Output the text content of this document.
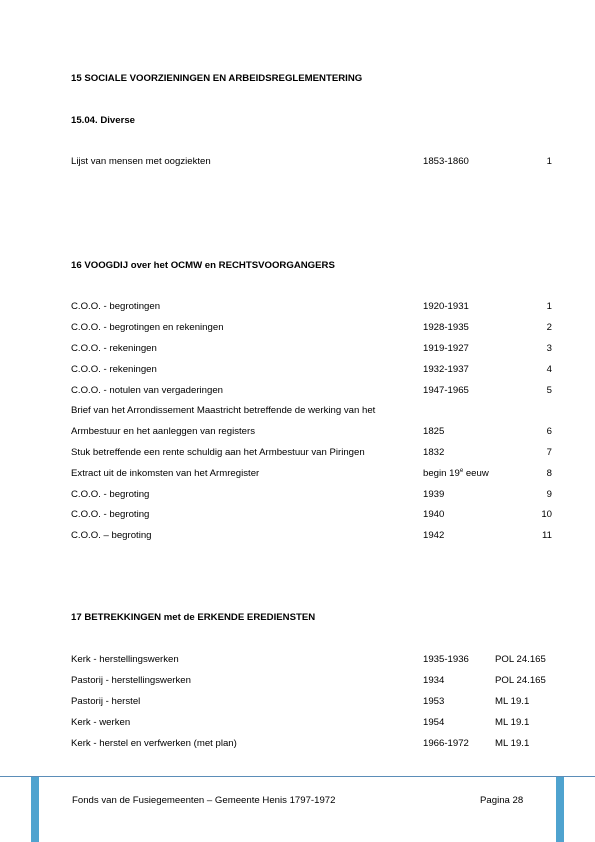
15 SOCIALE VOORZIENINGEN EN ARBEIDSREGLEMENTERING
15.04. Diverse
Lijst van mensen met oogziekten	1853-1860	1
16 VOOGDIJ over het OCMW en RECHTSVOORGANGERS
C.O.O. - begrotingen	1920-1931	1
C.O.O. - begrotingen en rekeningen	1928-1935	2
C.O.O. - rekeningen	1919-1927	3
C.O.O. - rekeningen	1932-1937	4
C.O.O. - notulen van vergaderingen	1947-1965	5
Brief van het Arrondissement Maastricht betreffende de werking van het
Armbestuur en het aanleggen van registers	1825	6
Stuk betreffende een rente schuldig aan het Armbestuur van Piringen	1832	7
Extract uit de inkomsten van het Armregister	begin 19e eeuw	8
C.O.O. - begroting	1939	9
C.O.O. - begroting	1940	10
C.O.O. – begroting	1942	11
17 BETREKKINGEN met de ERKENDE EREDIENSTEN
Kerk - herstellingswerken	1935-1936	POL 24.165
Pastorij - herstellingswerken	1934	POL 24.165
Pastorij - herstel	1953	ML 19.1
Kerk - werken	1954	ML 19.1
Kerk - herstel en verfwerken (met plan)	1966-1972	ML 19.1
Fonds van de Fusiegemeenten – Gemeente Henis 1797-1972	Pagina 28
